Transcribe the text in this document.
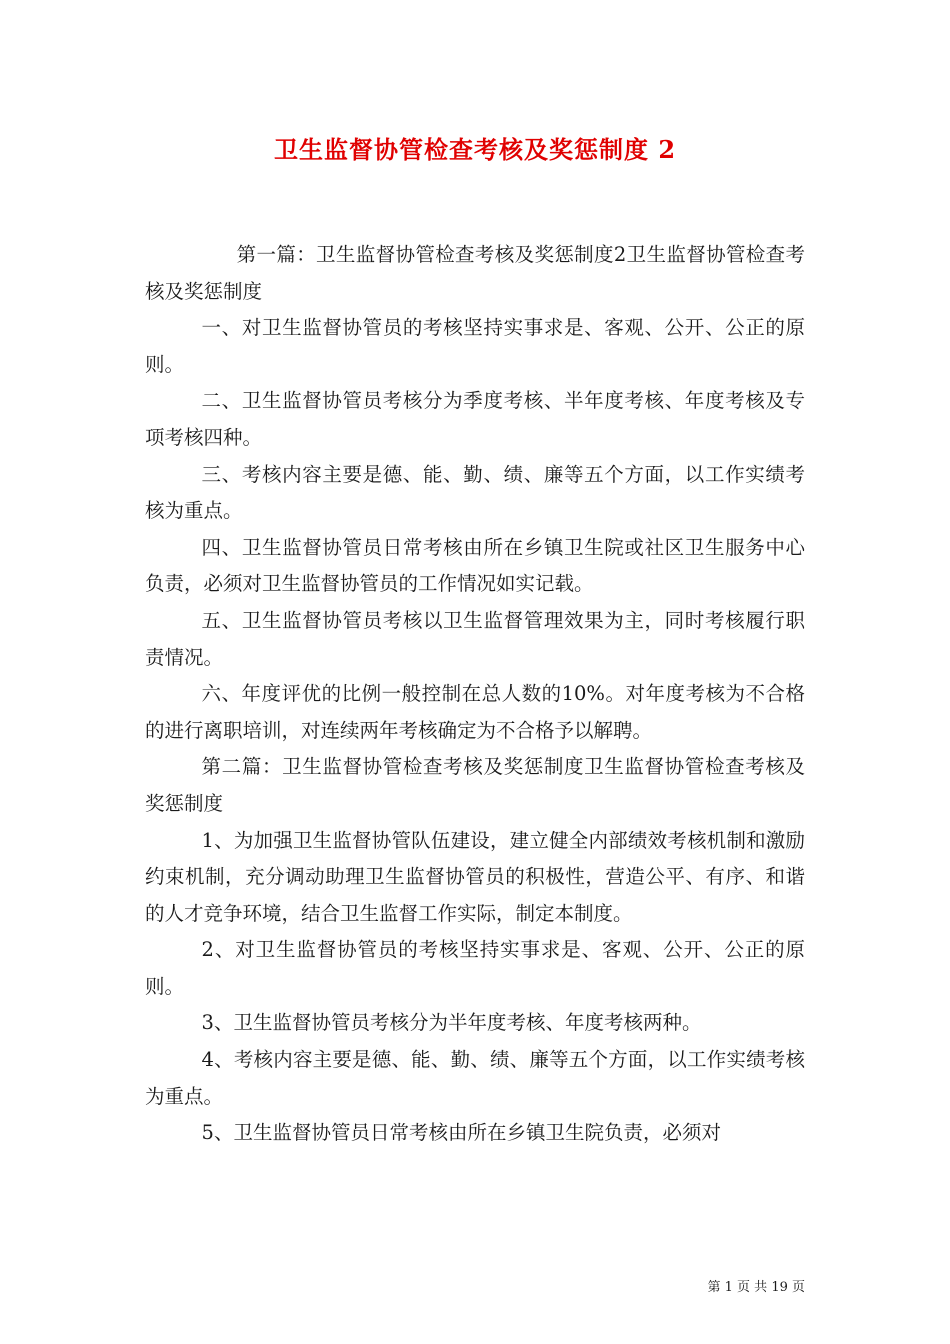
卫生监督协管检查考核及奖惩制度 2

第一篇：卫生监督协管检查考核及奖惩制度2卫生监督协管检查考核及奖惩制度

一、对卫生监督协管员的考核坚持实事求是、客观、公开、公正的原则。

二、卫生监督协管员考核分为季度考核、半年度考核、年度考核及专项考核四种。

三、考核内容主要是德、能、勤、绩、廉等五个方面，以工作实绩考核为重点。

四、卫生监督协管员日常考核由所在乡镇卫生院或社区卫生服务中心负责，必须对卫生监督协管员的工作情况如实记载。

五、卫生监督协管员考核以卫生监督管理效果为主，同时考核履行职责情况。

六、年度评优的比例一般控制在总人数的10%。对年度考核为不合格的进行离职培训，对连续两年考核确定为不合格予以解聘。

第二篇：卫生监督协管检查考核及奖惩制度卫生监督协管检查考核及奖惩制度

1、为加强卫生监督协管队伍建设，建立健全内部绩效考核机制和激励约束机制，充分调动助理卫生监督协管员的积极性，营造公平、有序、和谐的人才竞争环境，结合卫生监督工作实际，制定本制度。

2、对卫生监督协管员的考核坚持实事求是、客观、公开、公正的原则。

3、卫生监督协管员考核分为半年度考核、年度考核两种。

4、考核内容主要是德、能、勤、绩、廉等五个方面，以工作实绩考核为重点。

5、卫生监督协管员日常考核由所在乡镇卫生院负责，必须对

第 1 页 共 19 页
